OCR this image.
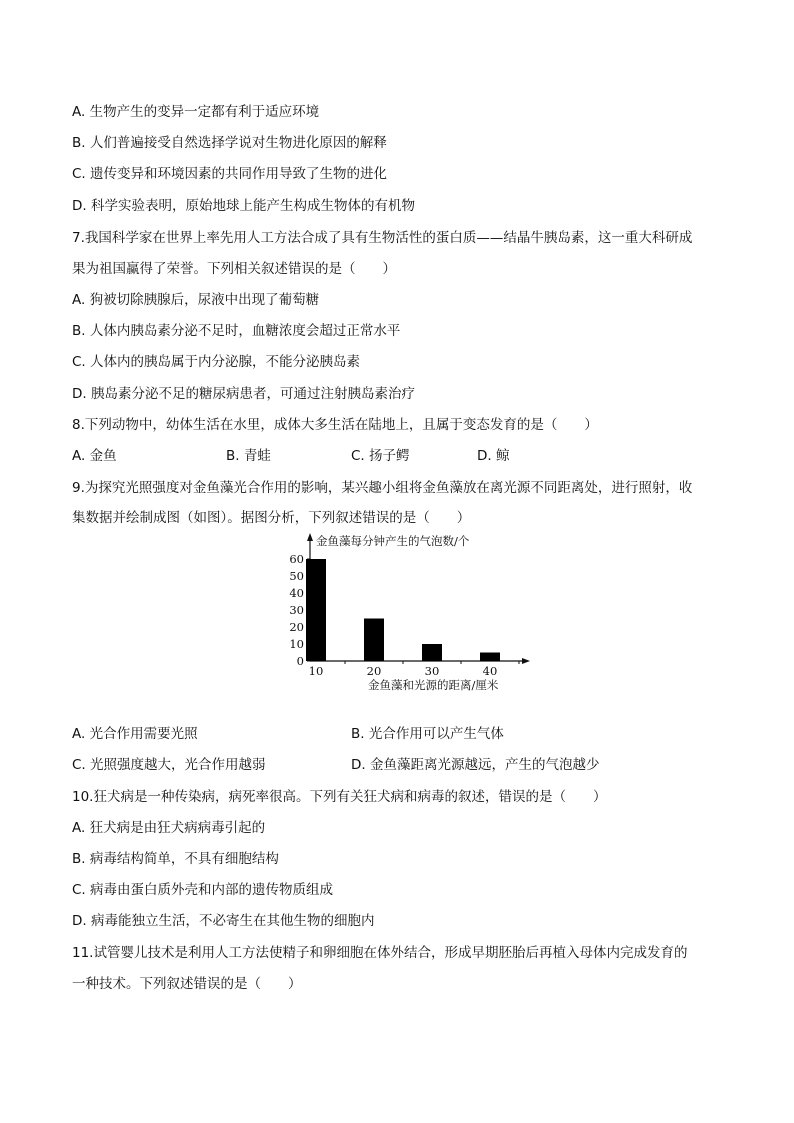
A. 生物产生的变异一定都有利于适应环境
B. 人们普遍接受自然选择学说对生物进化原因的解释
C. 遗传变异和环境因素的共同作用导致了生物的进化
D. 科学实验表明，原始地球上能产生构成生物体的有机物
7.我国科学家在世界上率先用人工方法合成了具有生物活性的蛋白质——结晶牛胰岛素，这一重大科研成
果为祖国赢得了荣誉。下列相关叙述错误的是（　　）
A. 狗被切除胰腺后，尿液中出现了葡萄糖
B. 人体内胰岛素分泌不足时，血糖浓度会超过正常水平
C. 人体内的胰岛属于内分泌腺，不能分泌胰岛素
D. 胰岛素分泌不足的糖尿病患者，可通过注射胰岛素治疗
8.下列动物中，幼体生活在水里，成体大多生活在陆地上，且属于变态发育的是（　　）
A. 金鱼	B. 青蛙	C. 扬子鳄	D. 鲸
9.为探究光照强度对金鱼藻光合作用的影响，某兴趣小组将金鱼藻放在离光源不同距离处，进行照射，收
集数据并绘制成图（如图）。据图分析，下列叙述错误的是（　　）
0
10
20
30
40
50
60
10	20	30	40
金鱼藻每分钟产生的气泡数/个
金鱼藻和光源的距离/厘米
A. 光合作用需要光照	B. 光合作用可以产生气体
C. 光照强度越大，光合作用越弱	D. 金鱼藻距离光源越远，产生的气泡越少
10.狂犬病是一种传染病，病死率很高。下列有关狂犬病和病毒的叙述，错误的是（　　）
A. 狂犬病是由狂犬病病毒引起的
B. 病毒结构简单，不具有细胞结构
C. 病毒由蛋白质外壳和内部的遗传物质组成
D. 病毒能独立生活，不必寄生在其他生物的细胞内
11.试管婴儿技术是利用人工方法使精子和卵细胞在体外结合，形成早期胚胎后再植入母体内完成发育的
一种技术。下列叙述错误的是（　　）
